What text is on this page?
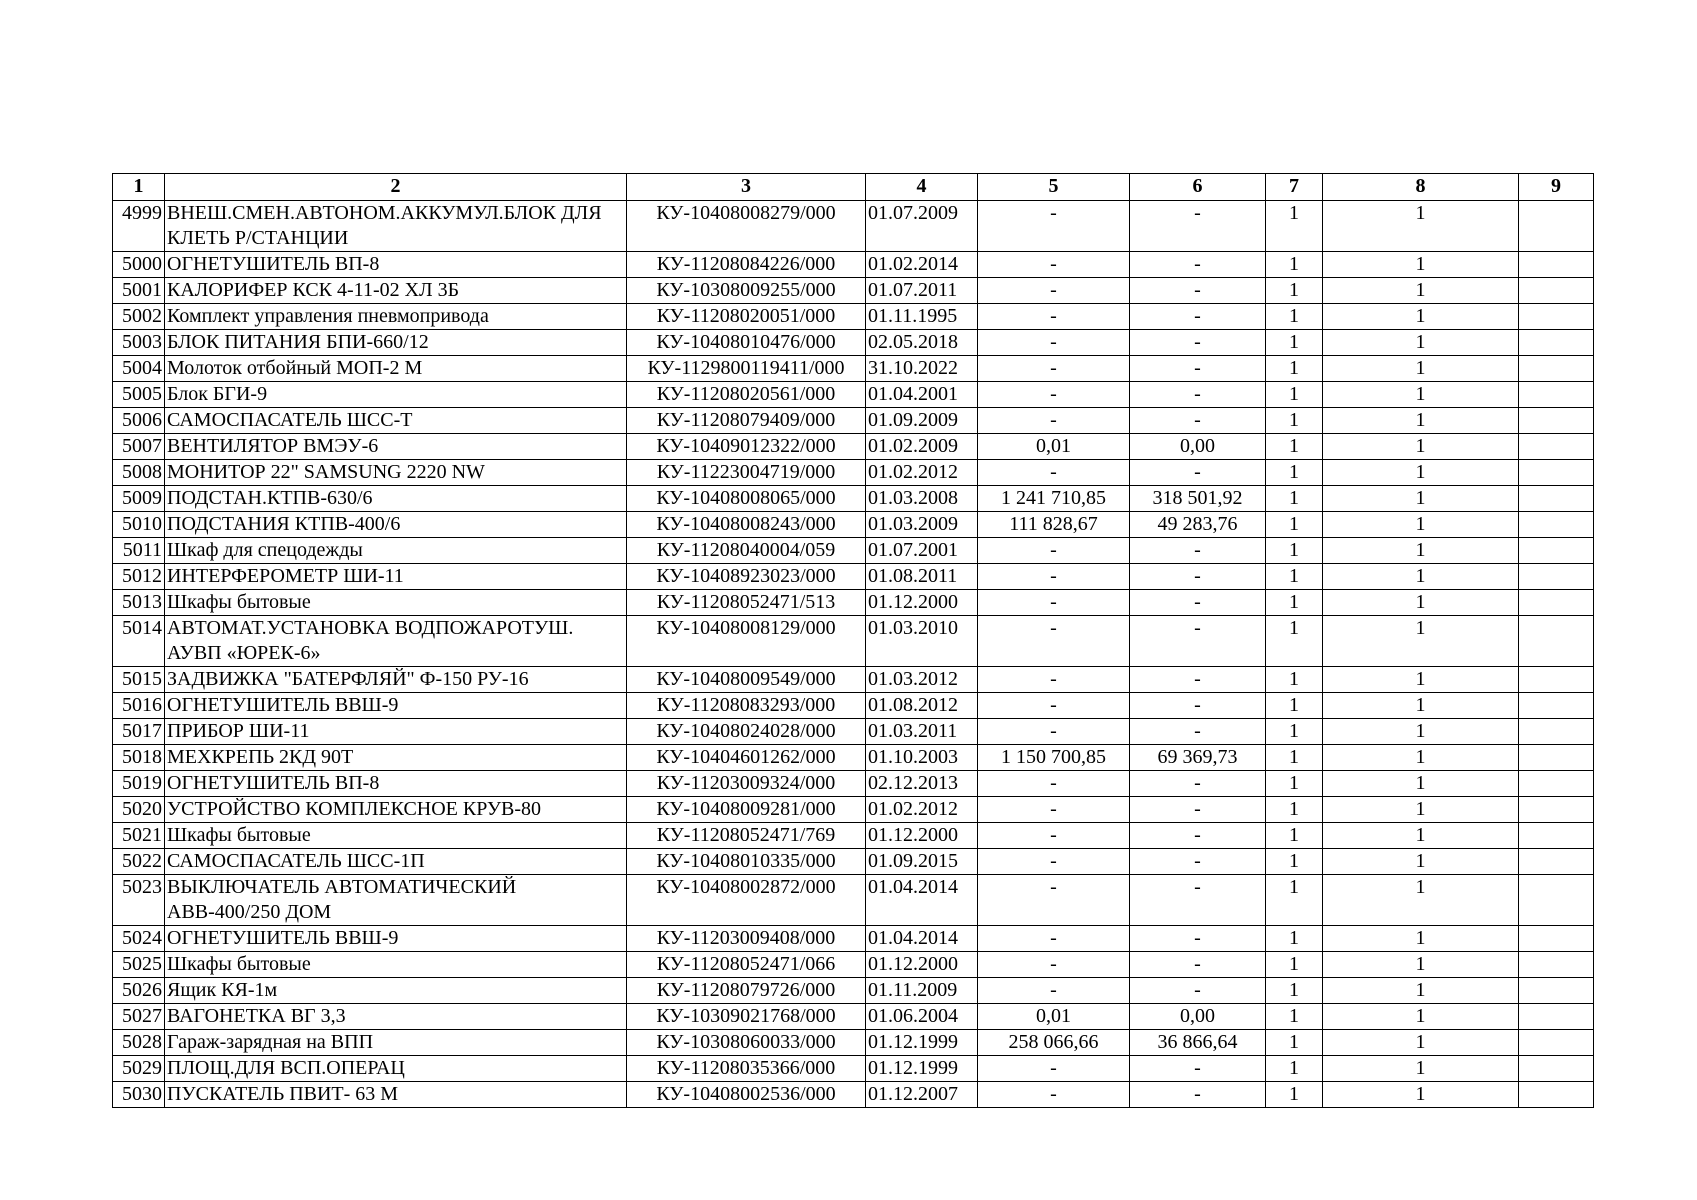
1	2	3	4	5	6	7	8	9
4999	ВНЕШ.СМЕН.АВТОНОМ.АККУМУЛ.БЛОК ДЛЯ КЛЕТЬ Р/СТАНЦИИ	КУ-10408008279/000	01.07.2009	-	-	1	1	
5000	ОГНЕТУШИТЕЛЬ ВП-8	КУ-11208084226/000	01.02.2014	-	-	1	1	
5001	КАЛОРИФЕР КСК 4-11-02 ХЛ 3Б	КУ-10308009255/000	01.07.2011	-	-	1	1	
5002	Комплект управления пневмопривода	КУ-11208020051/000	01.11.1995	-	-	1	1	
5003	БЛОК ПИТАНИЯ БПИ-660/12	КУ-10408010476/000	02.05.2018	-	-	1	1	
5004	Молоток отбойный МОП-2 М	КУ-112980011941​1/000	31.10.2022	-	-	1	1	
5005	Блок БГИ-9	КУ-11208020561/000	01.04.2001	-	-	1	1	
5006	САМОСПАСАТЕЛЬ ШСС-Т	КУ-11208079409/000	01.09.2009	-	-	1	1	
5007	ВЕНТИЛЯТОР ВМЭУ-6	КУ-10409012322/000	01.02.2009	0,01	0,00	1	1	
5008	МОНИТОР 22" SAMSUNG 2220 NW	КУ-11223004719/000	01.02.2012	-	-	1	1	
5009	ПОДСТАН.КТПВ-630/6	КУ-10408008065/000	01.03.2008	1 241 710,85	318 501,92	1	1	
5010	ПОДСТАНИЯ КТПВ-400/6	КУ-10408008243/000	01.03.2009	111 828,67	49 283,76	1	1	
5011	Шкаф для спецодежды	КУ-11208040004/059	01.07.2001	-	-	1	1	
5012	ИНТЕРФЕРОМЕТР ШИ-11	КУ-10408923023/000	01.08.2011	-	-	1	1	
5013	Шкафы бытовые	КУ-11208052471/513	01.12.2000	-	-	1	1	
5014	АВТОМАТ.УСТАНОВКА ВОДПОЖАРОТУШ. АУВП «ЮРЕК-6»	КУ-10408008129/000	01.03.2010	-	-	1	1	
5015	ЗАДВИЖКА "БАТЕРФЛЯЙ" Ф-150 РУ-16	КУ-10408009549/000	01.03.2012	-	-	1	1	
5016	ОГНЕТУШИТЕЛЬ ВВШ-9	КУ-11208083293/000	01.08.2012	-	-	1	1	
5017	ПРИБОР ШИ-11	КУ-10408024028/000	01.03.2011	-	-	1	1	
5018	МЕХКРЕПЬ 2КД 90Т	КУ-10404601262/000	01.10.2003	1 150 700,85	69 369,73	1	1	
5019	ОГНЕТУШИТЕЛЬ ВП-8	КУ-11203009324/000	02.12.2013	-	-	1	1	
5020	УСТРОЙСТВО КОМПЛЕКСНОЕ КРУВ-80	КУ-10408009281/000	01.02.2012	-	-	1	1	
5021	Шкафы бытовые	КУ-11208052471/769	01.12.2000	-	-	1	1	
5022	САМОСПАСАТЕЛЬ ШСС-1П	КУ-10408010335/000	01.09.2015	-	-	1	1	
5023	ВЫКЛЮЧАТЕЛЬ АВТОМАТИЧЕСКИЙ АВВ-400/250 ДОМ	КУ-10408002872/000	01.04.2014	-	-	1	1	
5024	ОГНЕТУШИТЕЛЬ ВВШ-9	КУ-11203009408/000	01.04.2014	-	-	1	1	
5025	Шкафы бытовые	КУ-11208052471/066	01.12.2000	-	-	1	1	
5026	Ящик КЯ-1м	КУ-11208079726/000	01.11.2009	-	-	1	1	
5027	ВАГОНЕТКА ВГ 3,3	КУ-10309021768/000	01.06.2004	0,01	0,00	1	1	
5028	Гараж-зарядная на ВПП	КУ-10308060033/000	01.12.1999	258 066,66	36 866,64	1	1	
5029	ПЛОЩ.ДЛЯ ВСП.ОПЕРАЦ	КУ-11208035366/000	01.12.1999	-	-	1	1	
5030	ПУСКАТЕЛЬ ПВИТ- 63 М	КУ-10408002536/000	01.12.2007	-	-	1	1	
